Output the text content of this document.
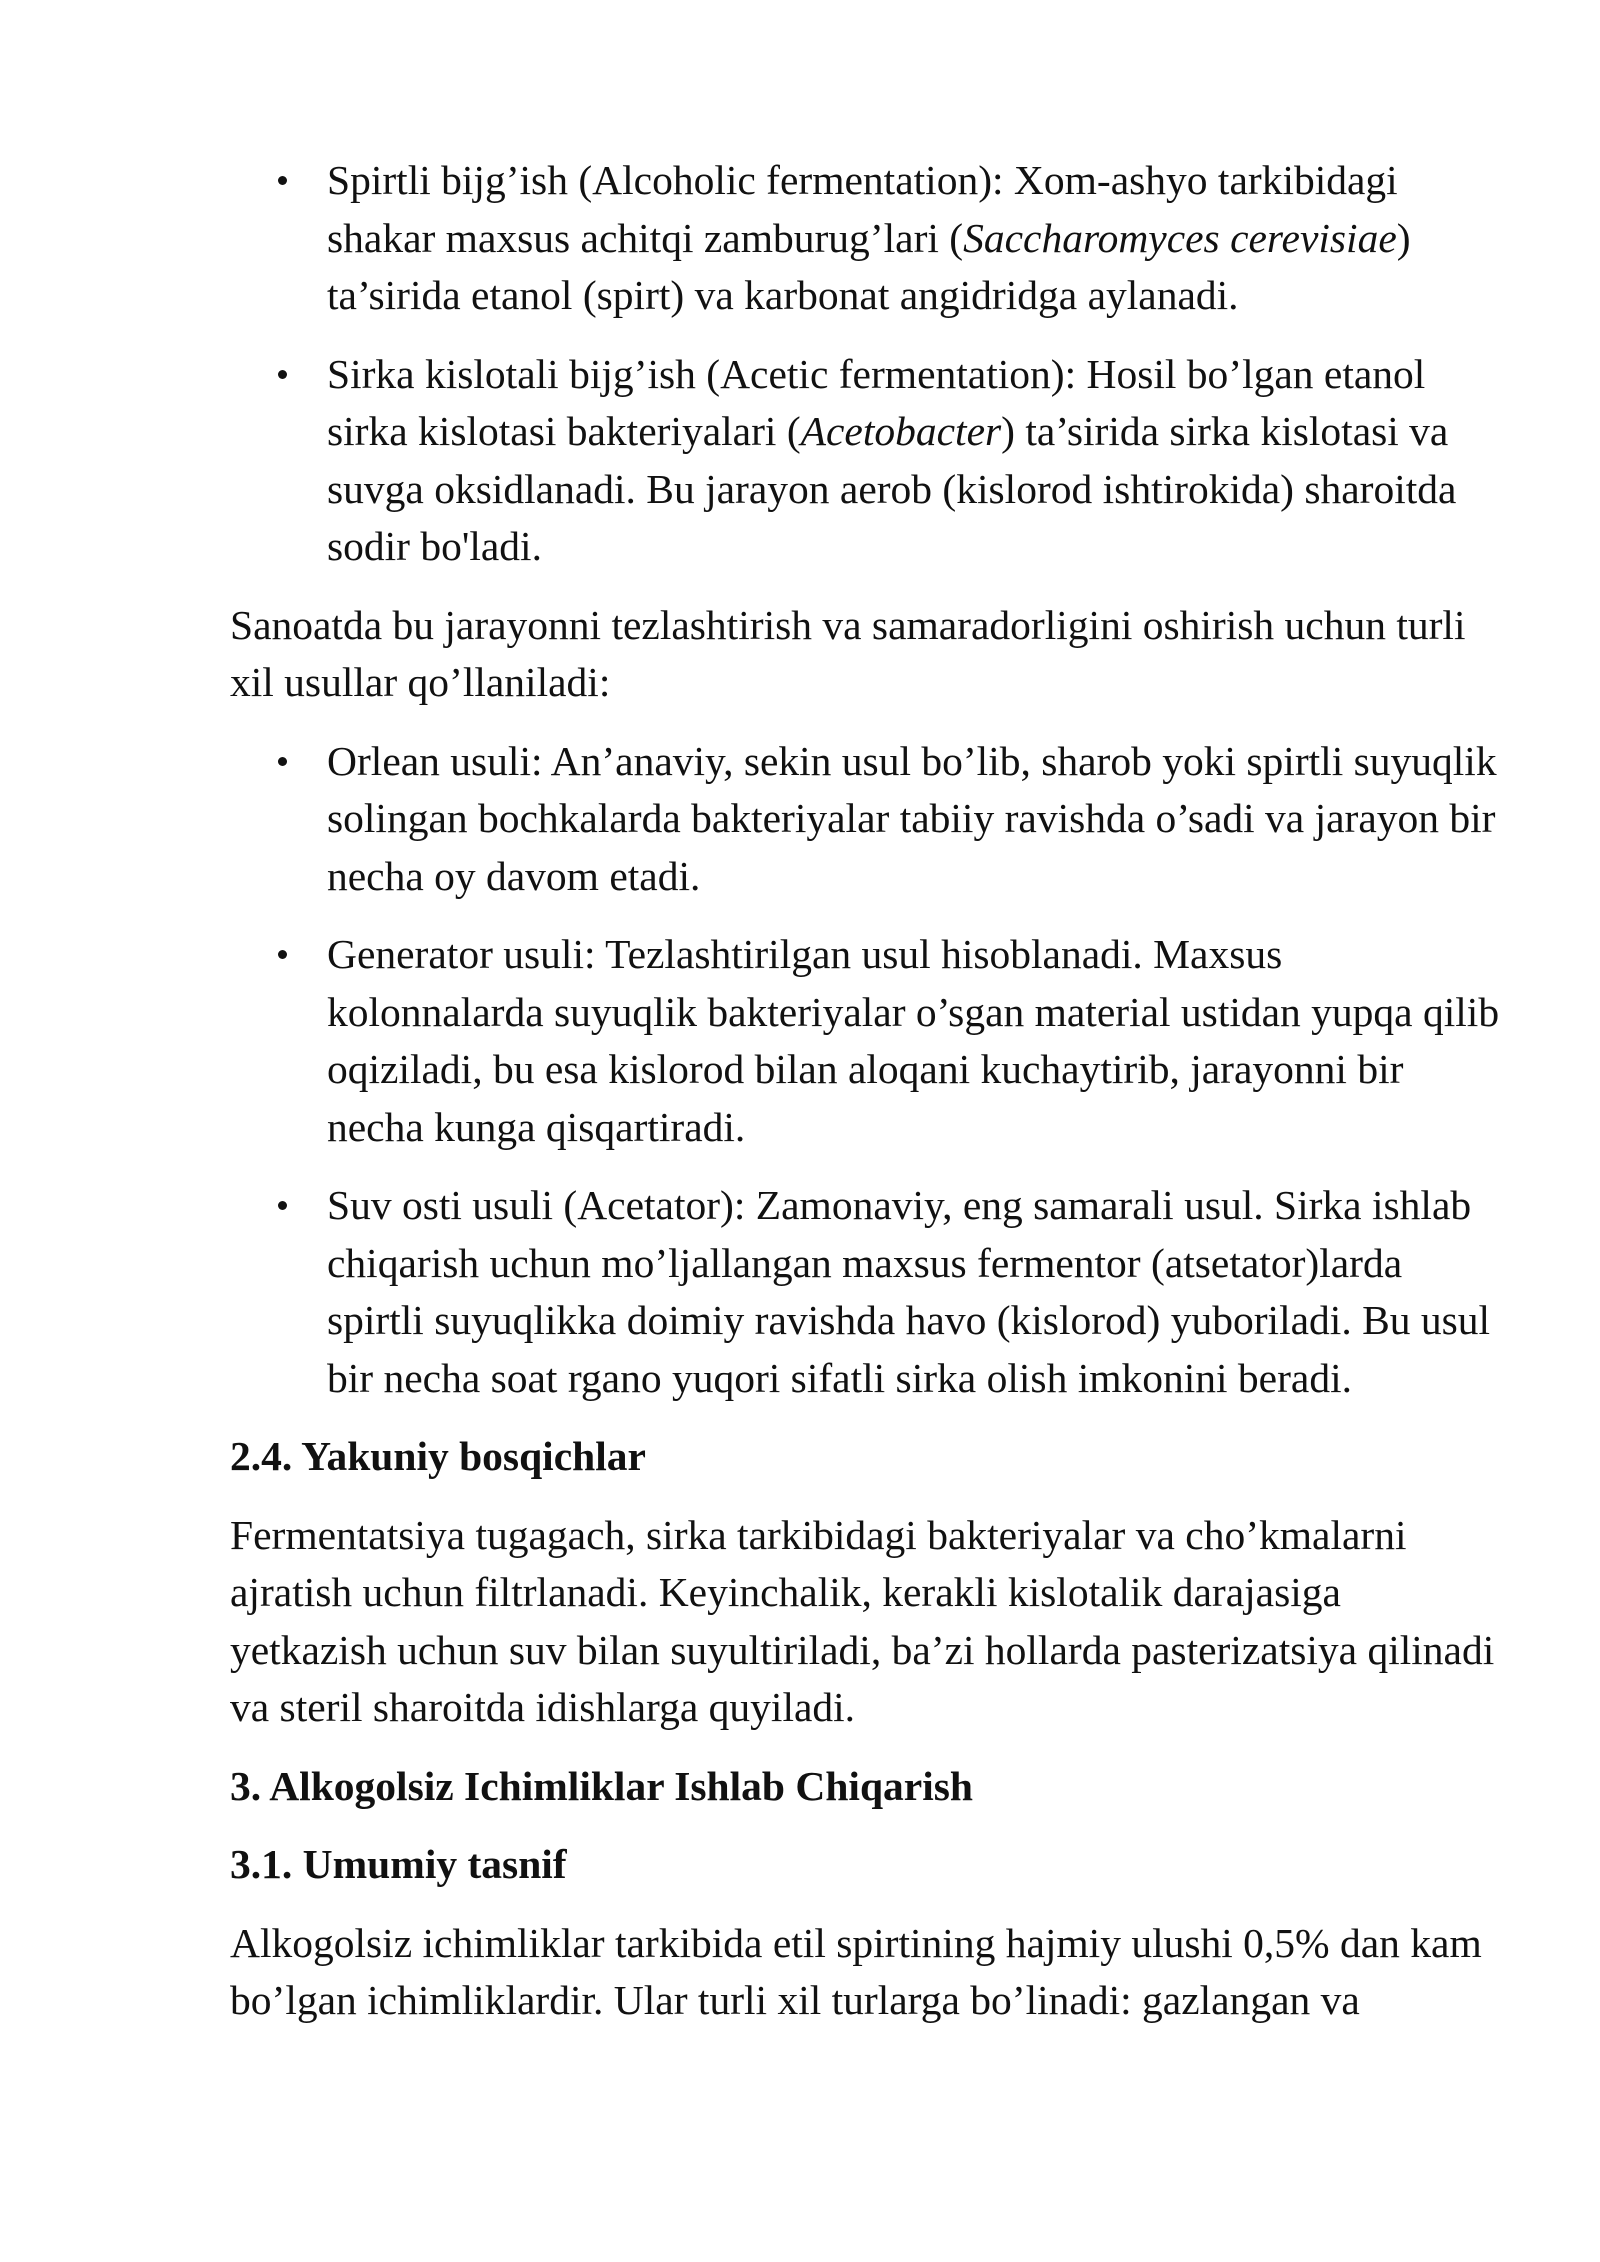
Spirtli bijg’ish (Alcoholic fermentation): Xom-ashyo tarkibidagi shakar maxsus achitqi zamburug’lari (Saccharomyces cerevisiae) ta’sirida etanol (spirt) va karbonat angidridga aylanadi.
Sirka kislotali bijg’ish (Acetic fermentation): Hosil bo’lgan etanol sirka kislotasi bakteriyalari (Acetobacter) ta’sirida sirka kislotasi va suvga oksidlanadi. Bu jarayon aerob (kislorod ishtirokida) sharoitda sodir bo'ladi.

Sanoatda bu jarayonni tezlashtirish va samaradorligini oshirish uchun turli xil usullar qo’llaniladi:

Orlean usuli: An’anaviy, sekin usul bo’lib, sharob yoki spirtli suyuqlik solingan bochkalarda bakteriyalar tabiiy ravishda o’sadi va jarayon bir necha oy davom etadi.
Generator usuli: Tezlashtirilgan usul hisoblanadi. Maxsus kolonnalarda suyuqlik bakteriyalar o’sgan material ustidan yupqa qilib oqiziladi, bu esa kislorod bilan aloqani kuchaytirib, jarayonni bir necha kunga qisqartiradi.
Suv osti usuli (Acetator): Zamonaviy, eng samarali usul. Sirka ishlab chiqarish uchun mo’ljallangan maxsus fermentor (atsetator)larda spirtli suyuqlikka doimiy ravishda havo (kislorod) yuboriladi. Bu usul bir necha soat rgano yuqori sifatli sirka olish imkonini beradi.
2.4. Yakuniy bosqichlar

Fermentatsiya tugagach, sirka tarkibidagi bakteriyalar va cho’kmalarni ajratish uchun filtrlanadi. Keyinchalik, kerakli kislotalik darajasiga yetkazish uchun suv bilan suyultiriladi, ba’zi hollarda pasterizatsiya qilinadi va steril sharoitda idishlarga quyiladi.

3. Alkogolsiz Ichimliklar Ishlab Chiqarish
3.1. Umumiy tasnif

Alkogolsiz ichimliklar tarkibida etil spirtining hajmiy ulushi 0,5% dan kam bo’lgan ichimliklardir. Ular turli xil turlarga bo’linadi: gazlangan va
